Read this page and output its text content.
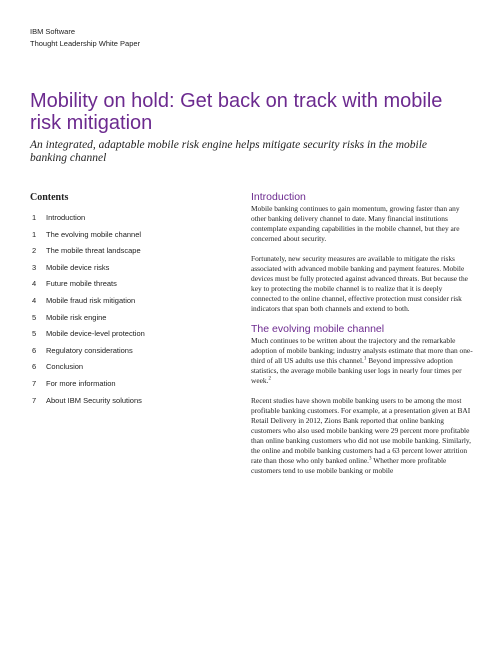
IBM Software
Thought Leadership White Paper
Mobility on hold: Get back on track with mobile risk mitigation

An integrated, adaptable mobile risk engine helps mitigate security risks in the mobile banking channel

Contents
1	Introduction
1	The evolving mobile channel
2	The mobile threat landscape
3	Mobile device risks
4	Future mobile threats
4	Mobile fraud risk mitigation
5	Mobile risk engine
5	Mobile device-level protection
6	Regulatory considerations
6	Conclusion
7	For more information
7	About IBM Security solutions
Introduction

Mobile banking continues to gain momentum, growing faster than any other banking delivery channel to date. Many financial institutions contemplate expanding capabilities in the mobile channel, but they are concerned about security.

Fortunately, new security measures are available to mitigate the risks associated with advanced mobile banking and payment features. Mobile devices must be fully protected against advanced threats. But because the key to protecting the mobile channel is to realize that it is deeply connected to the online channel, effective protection must consider risk indicators that span both channels and extend to both.

The evolving mobile channel

Much continues to be written about the trajectory and the remarkable adoption of mobile banking; industry analysts estimate that more than one-third of all US adults use this channel.$^1$ Beyond impressive adoption statistics, the average mobile banking user logs in nearly four times per week.$^2$

Recent studies have shown mobile banking users to be among the most profitable banking customers. For example, at a presentation given at BAI Retail Delivery in 2012, Zions Bank reported that online banking customers who also used mobile banking were 29 percent more profitable than online banking customers who did not use mobile banking. Similarly, the online and mobile banking customers had a 63 percent lower attrition rate than those who only banked online.$^3$ Whether more profitable customers tend to use mobile banking or mobile
